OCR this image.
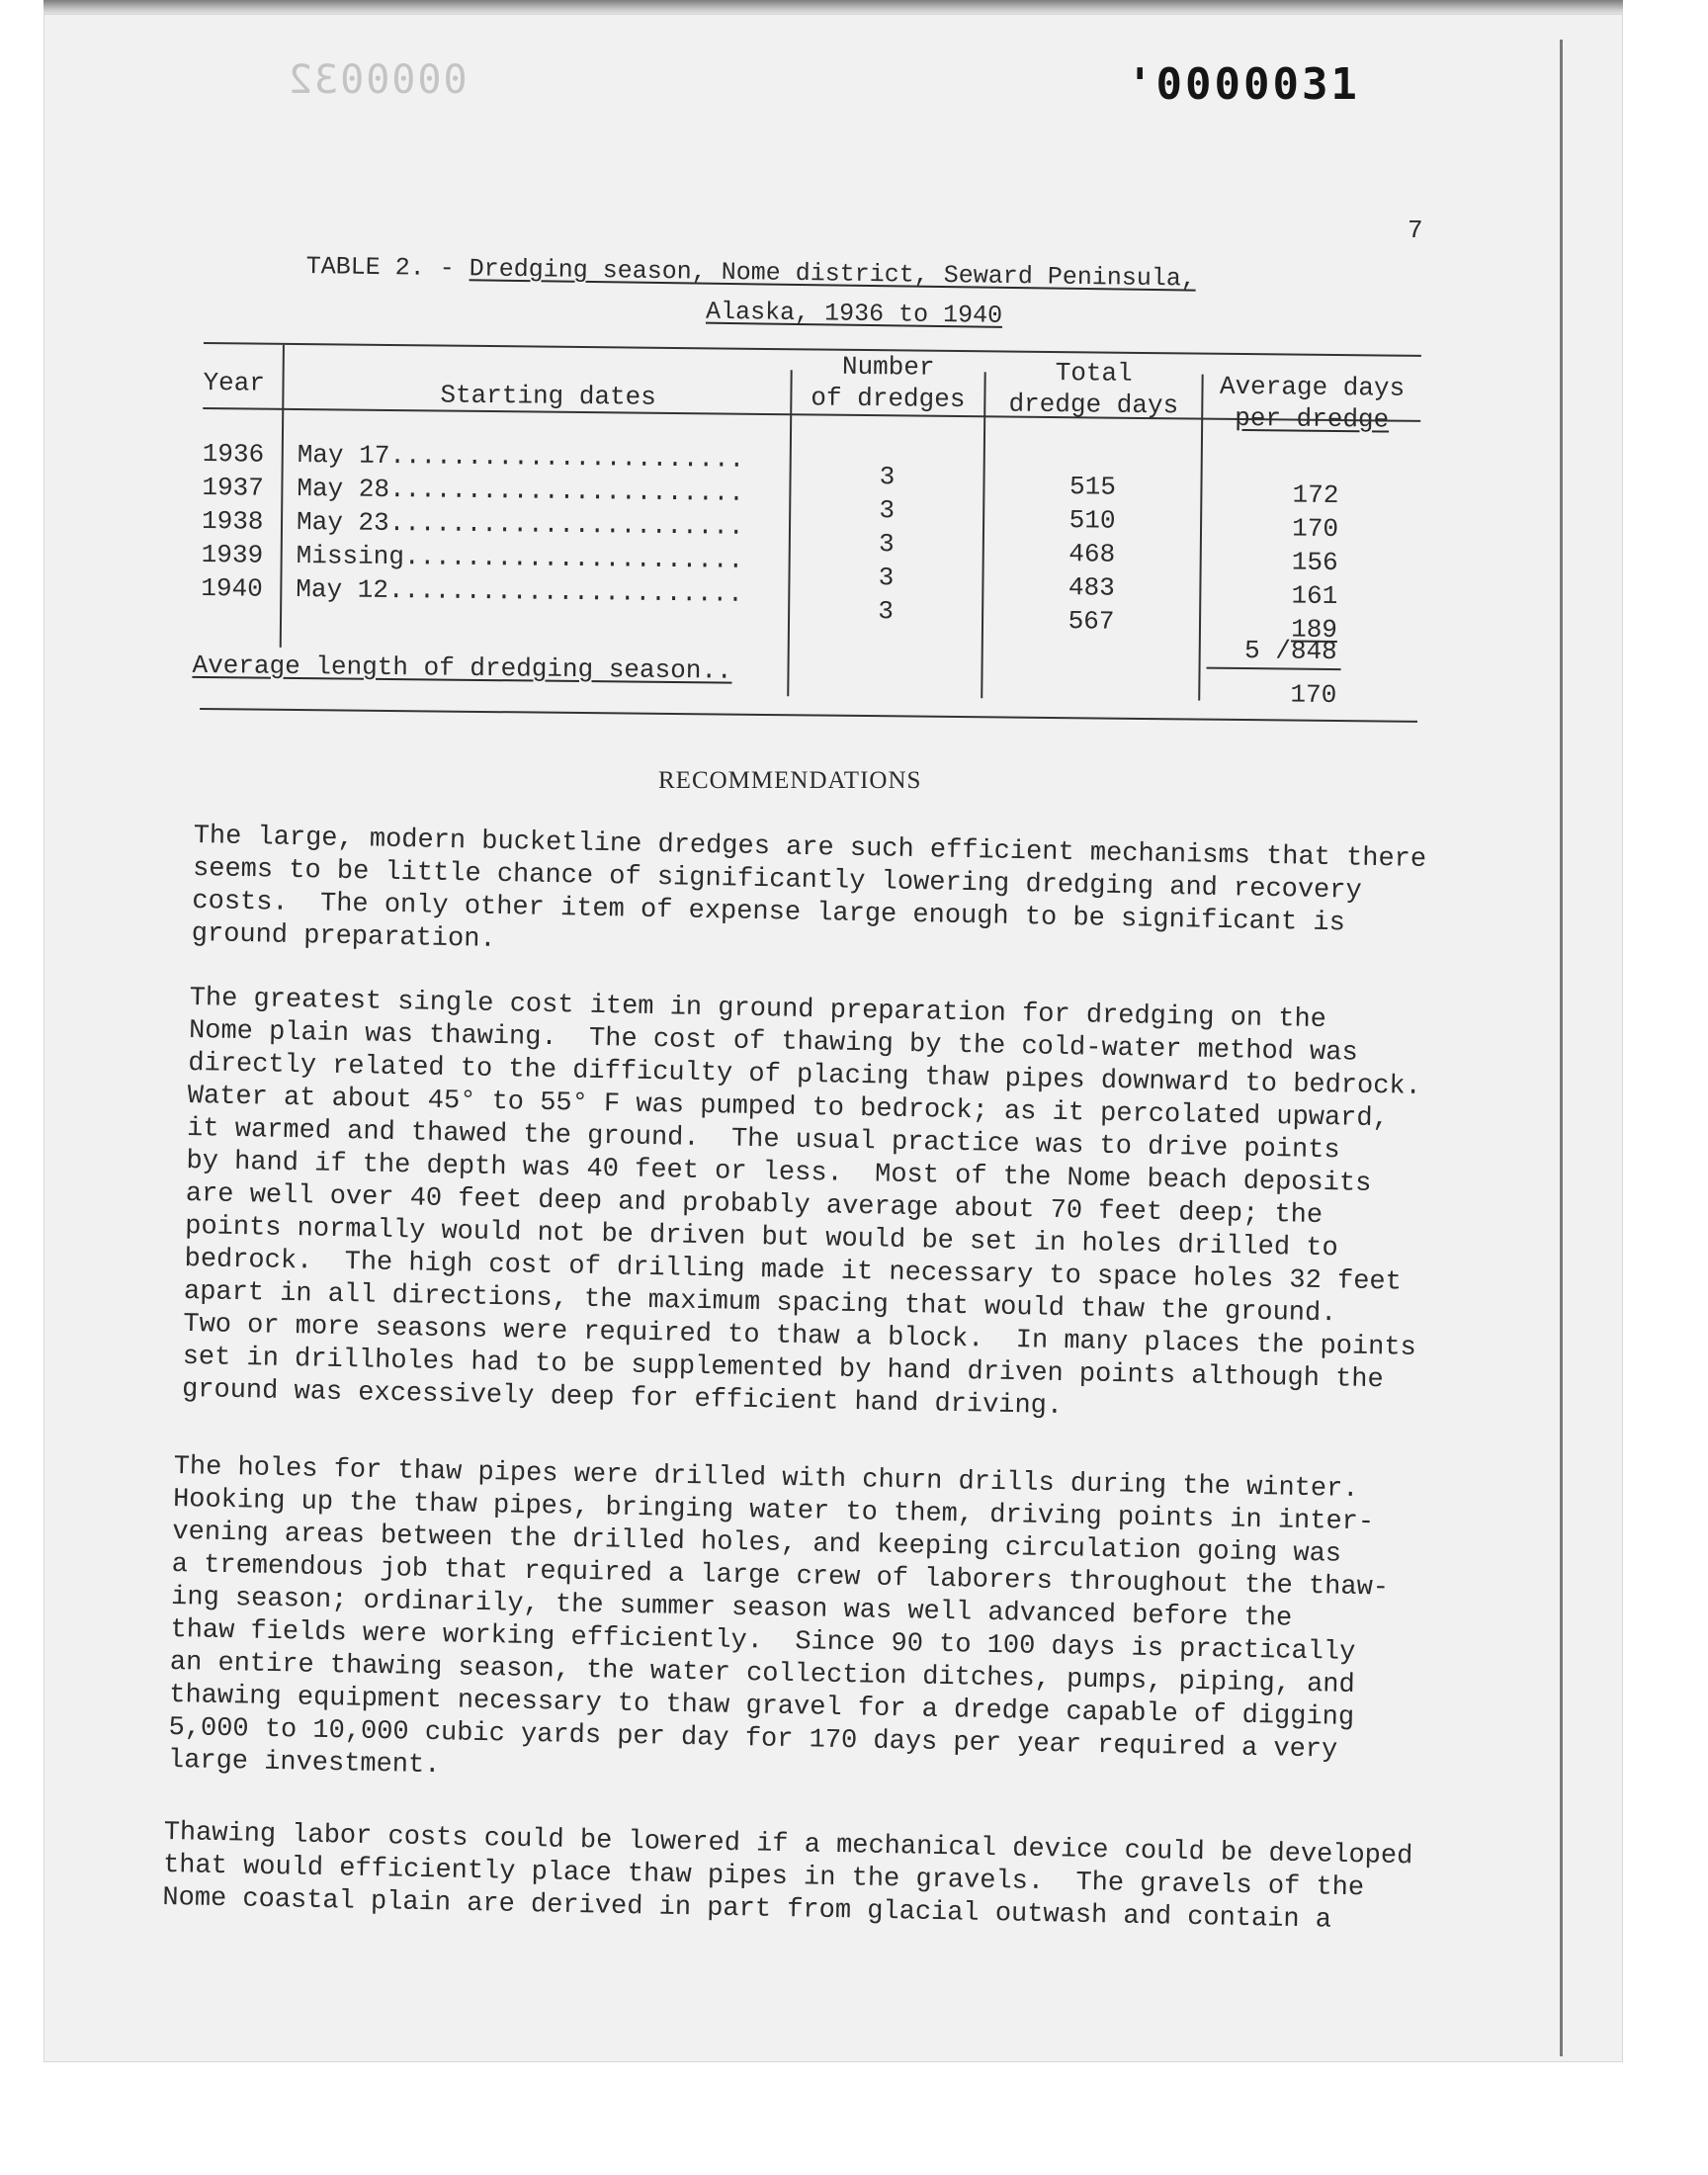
0000032	'0000031
7
TABLE 2. - Dredging season, Nome district, Seward Peninsula,
Alaska, 1936 to 1940
Year	Starting dates
Number
of dredges
Total
dredge days
Average days
per dredge
1936
1937
1938
1939
1940
May 17.......................
May 28.......................
May 23.......................
Missing......................
May 12.......................
3
3
3
3
3
515
510
468
483
567
172
170
156
161
189
5 /848
170
Average length of dredging season..
RECOMMENDATIONS
The large, modern bucketline dredges are such efficient mechanisms that there
seems to be little chance of significantly lowering dredging and recovery
costs.  The only other item of expense large enough to be significant is
ground preparation.
The greatest single cost item in ground preparation for dredging on the
Nome plain was thawing.  The cost of thawing by the cold-water method was
directly related to the difficulty of placing thaw pipes downward to bedrock.
Water at about 45° to 55° F was pumped to bedrock; as it percolated upward,
it warmed and thawed the ground.  The usual practice was to drive points
by hand if the depth was 40 feet or less.  Most of the Nome beach deposits
are well over 40 feet deep and probably average about 70 feet deep; the
points normally would not be driven but would be set in holes drilled to
bedrock.  The high cost of drilling made it necessary to space holes 32 feet
apart in all directions, the maximum spacing that would thaw the ground.
Two or more seasons were required to thaw a block.  In many places the points
set in drillholes had to be supplemented by hand driven points although the
ground was excessively deep for efficient hand driving.
The holes for thaw pipes were drilled with churn drills during the winter.
Hooking up the thaw pipes, bringing water to them, driving points in inter-
vening areas between the drilled holes, and keeping circulation going was
a tremendous job that required a large crew of laborers throughout the thaw-
ing season; ordinarily, the summer season was well advanced before the
thaw fields were working efficiently.  Since 90 to 100 days is practically
an entire thawing season, the water collection ditches, pumps, piping, and
thawing equipment necessary to thaw gravel for a dredge capable of digging
5,000 to 10,000 cubic yards per day for 170 days per year required a very
large investment.
Thawing labor costs could be lowered if a mechanical device could be developed
that would efficiently place thaw pipes in the gravels.  The gravels of the
Nome coastal plain are derived in part from glacial outwash and contain a
